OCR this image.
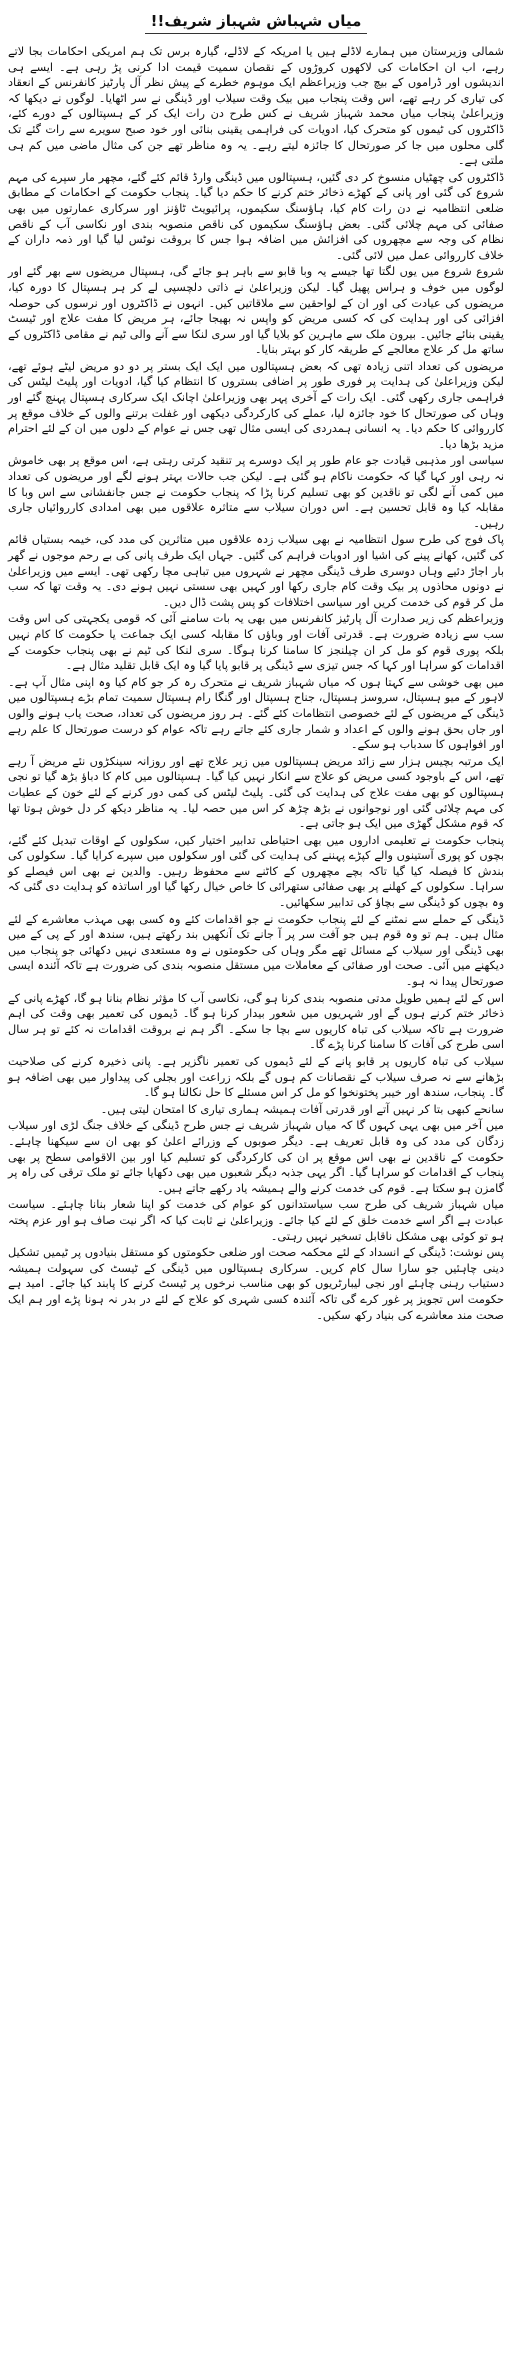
میاں شہباش شہباز شریف!!

شمالی وزیرستان میں ہمارے لاڈلے ہیں یا امریکہ کے لاڈلے، گیارہ برس تک ہم امریکی احکامات بجا لاتے رہے، اب ان احکامات کی لاکھوں کروڑوں کے نقصان سمیت قیمت ادا کرنی پڑ رہی ہے۔ ایسے ہی اندیشوں اور ڈراموں کے بیچ جب وزیراعظم ایک موہوم خطرے کے پیش نظر آل پارٹیز کانفرنس کے انعقاد کی تیاری کر رہے تھے، اس وقت پنجاب میں بیک وقت سیلاب اور ڈینگی نے سر اٹھایا۔ لوگوں نے دیکھا کہ وزیراعلیٰ پنجاب میاں محمد شہباز شریف نے کس طرح دن رات ایک کر کے ہسپتالوں کے دورے کئے، ڈاکٹروں کی ٹیموں کو متحرک کیا، ادویات کی فراہمی یقینی بنائی اور خود صبح سویرے سے رات گئے تک گلی محلوں میں جا کر صورتحال کا جائزہ لیتے رہے۔ یہ وہ مناظر تھے جن کی مثال ماضی میں کم ہی ملتی ہے۔

ڈاکٹروں کی چھٹیاں منسوخ کر دی گئیں، ہسپتالوں میں ڈینگی وارڈ قائم کئے گئے، مچھر مار سپرے کی مہم شروع کی گئی اور پانی کے کھڑے ذخائر ختم کرنے کا حکم دیا گیا۔ پنجاب حکومت کے احکامات کے مطابق ضلعی انتظامیہ نے دن رات کام کیا، ہاؤسنگ سکیموں، پرائیویٹ ٹاؤنز اور سرکاری عمارتوں میں بھی صفائی کی مہم چلائی گئی۔ بعض ہاؤسنگ سکیموں کی ناقص منصوبہ بندی اور نکاسی آب کے ناقص نظام کی وجہ سے مچھروں کی افزائش میں اضافہ ہوا جس کا بروقت نوٹس لیا گیا اور ذمہ داران کے خلاف کارروائی عمل میں لائی گئی۔

شروع شروع میں یوں لگتا تھا جیسے یہ وبا قابو سے باہر ہو جائے گی، ہسپتال مریضوں سے بھر گئے اور لوگوں میں خوف و ہراس پھیل گیا۔ لیکن وزیراعلیٰ نے ذاتی دلچسپی لے کر ہر ہسپتال کا دورہ کیا، مریضوں کی عیادت کی اور ان کے لواحقین سے ملاقاتیں کیں۔ انہوں نے ڈاکٹروں اور نرسوں کی حوصلہ افزائی کی اور ہدایت کی کہ کسی مریض کو واپس نہ بھیجا جائے، ہر مریض کا مفت علاج اور ٹیسٹ یقینی بنائے جائیں۔ بیرون ملک سے ماہرین کو بلایا گیا اور سری لنکا سے آنے والی ٹیم نے مقامی ڈاکٹروں کے ساتھ مل کر علاج معالجے کے طریقہ کار کو بہتر بنایا۔

مریضوں کی تعداد اتنی زیادہ تھی کہ بعض ہسپتالوں میں ایک ایک بستر پر دو دو مریض لیٹے ہوئے تھے، لیکن وزیراعلیٰ کی ہدایت پر فوری طور پر اضافی بستروں کا انتظام کیا گیا، ادویات اور پلیٹ لیٹس کی فراہمی جاری رکھی گئی۔ ایک رات کے آخری پہر بھی وزیراعلیٰ اچانک ایک سرکاری ہسپتال پہنچ گئے اور وہاں کی صورتحال کا خود جائزہ لیا، عملے کی کارکردگی دیکھی اور غفلت برتنے والوں کے خلاف موقع پر کارروائی کا حکم دیا۔ یہ انسانی ہمدردی کی ایسی مثال تھی جس نے عوام کے دلوں میں ان کے لئے احترام مزید بڑھا دیا۔

سیاسی اور مذہبی قیادت جو عام طور پر ایک دوسرے پر تنقید کرتی رہتی ہے، اس موقع پر بھی خاموش نہ رہی اور کہا گیا کہ حکومت ناکام ہو گئی ہے۔ لیکن جب حالات بہتر ہونے لگے اور مریضوں کی تعداد میں کمی آنے لگی تو ناقدین کو بھی تسلیم کرنا پڑا کہ پنجاب حکومت نے جس جانفشانی سے اس وبا کا مقابلہ کیا وہ قابل تحسین ہے۔ اس دوران سیلاب سے متاثرہ علاقوں میں بھی امدادی کارروائیاں جاری رہیں۔

پاک فوج کی طرح سول انتظامیہ نے بھی سیلاب زدہ علاقوں میں متاثرین کی مدد کی، خیمہ بستیاں قائم کی گئیں، کھانے پینے کی اشیا اور ادویات فراہم کی گئیں۔ جہاں ایک طرف پانی کی بے رحم موجوں نے گھر بار اجاڑ دئیے وہاں دوسری طرف ڈینگی مچھر نے شہروں میں تباہی مچا رکھی تھی۔ ایسے میں وزیراعلیٰ نے دونوں محاذوں پر بیک وقت کام جاری رکھا اور کہیں بھی سستی نہیں ہونے دی۔ یہ وقت تھا کہ سب مل کر قوم کی خدمت کریں اور سیاسی اختلافات کو پس پشت ڈال دیں۔

وزیراعظم کی زیر صدارت آل پارٹیز کانفرنس میں بھی یہ بات سامنے آئی کہ قومی یکجہتی کی اس وقت سب سے زیادہ ضرورت ہے۔ قدرتی آفات اور وباؤں کا مقابلہ کسی ایک جماعت یا حکومت کا کام نہیں بلکہ پوری قوم کو مل کر ان چیلنجز کا سامنا کرنا ہوگا۔ سری لنکا کی ٹیم نے بھی پنجاب حکومت کے اقدامات کو سراہا اور کہا کہ جس تیزی سے ڈینگی پر قابو پایا گیا وہ ایک قابل تقلید مثال ہے۔

میں بھی خوشی سے کہتا ہوں کہ میاں شہباز شریف نے متحرک رہ کر جو کام کیا وہ اپنی مثال آپ ہے۔ لاہور کے میو ہسپتال، سروسز ہسپتال، جناح ہسپتال اور گنگا رام ہسپتال سمیت تمام بڑے ہسپتالوں میں ڈینگی کے مریضوں کے لئے خصوصی انتظامات کئے گئے۔ ہر روز مریضوں کی تعداد، صحت یاب ہونے والوں اور جاں بحق ہونے والوں کے اعداد و شمار جاری کئے جاتے رہے تاکہ عوام کو درست صورتحال کا علم رہے اور افواہوں کا سدباب ہو سکے۔

ایک مرتبہ بچیس ہزار سے زائد مریض ہسپتالوں میں زیر علاج تھے اور روزانہ سینکڑوں نئے مریض آ رہے تھے، اس کے باوجود کسی مریض کو علاج سے انکار نہیں کیا گیا۔ ہسپتالوں میں کام کا دباؤ بڑھ گیا تو نجی ہسپتالوں کو بھی مفت علاج کی ہدایت کی گئی۔ پلیٹ لیٹس کی کمی دور کرنے کے لئے خون کے عطیات کی مہم چلائی گئی اور نوجوانوں نے بڑھ چڑھ کر اس میں حصہ لیا۔ یہ مناظر دیکھ کر دل خوش ہوتا تھا کہ قوم مشکل گھڑی میں ایک ہو جاتی ہے۔

پنجاب حکومت نے تعلیمی اداروں میں بھی احتیاطی تدابیر اختیار کیں، سکولوں کے اوقات تبدیل کئے گئے، بچوں کو پوری آستینوں والے کپڑے پہننے کی ہدایت کی گئی اور سکولوں میں سپرے کرایا گیا۔ سکولوں کی بندش کا فیصلہ کیا گیا تاکہ بچے مچھروں کے کاٹنے سے محفوظ رہیں۔ والدین نے بھی اس فیصلے کو سراہا۔ سکولوں کے کھلنے پر بھی صفائی ستھرائی کا خاص خیال رکھا گیا اور اساتذہ کو ہدایت دی گئی کہ وہ بچوں کو ڈینگی سے بچاؤ کی تدابیر سکھائیں۔

ڈینگی کے حملے سے نمٹنے کے لئے پنجاب حکومت نے جو اقدامات کئے وہ کسی بھی مہذب معاشرے کے لئے مثال ہیں۔ ہم تو وہ قوم ہیں جو آفت سر پر آ جانے تک آنکھیں بند رکھتے ہیں، سندھ اور کے پی کے میں بھی ڈینگی اور سیلاب کے مسائل تھے مگر وہاں کی حکومتوں نے وہ مستعدی نہیں دکھائی جو پنجاب میں دیکھنے میں آئی۔ صحت اور صفائی کے معاملات میں مستقل منصوبہ بندی کی ضرورت ہے تاکہ آئندہ ایسی صورتحال پیدا نہ ہو۔

اس کے لئے ہمیں طویل مدتی منصوبہ بندی کرنا ہو گی، نکاسی آب کا مؤثر نظام بنانا ہو گا، کھڑے پانی کے ذخائر ختم کرنے ہوں گے اور شہریوں میں شعور بیدار کرنا ہو گا۔ ڈیموں کی تعمیر بھی وقت کی اہم ضرورت ہے تاکہ سیلاب کی تباہ کاریوں سے بچا جا سکے۔ اگر ہم نے بروقت اقدامات نہ کئے تو ہر سال اسی طرح کی آفات کا سامنا کرنا پڑے گا۔

سیلاب کی تباہ کاریوں پر قابو پانے کے لئے ڈیموں کی تعمیر ناگزیر ہے۔ پانی ذخیرہ کرنے کی صلاحیت بڑھانے سے نہ صرف سیلاب کے نقصانات کم ہوں گے بلکہ زراعت اور بجلی کی پیداوار میں بھی اضافہ ہو گا۔ پنجاب، سندھ اور خیبر پختونخوا کو مل کر اس مسئلے کا حل نکالنا ہو گا۔

سانحے کبھی بتا کر نہیں آتے اور قدرتی آفات ہمیشہ ہماری تیاری کا امتحان لیتی ہیں۔

میں آخر میں بھی یہی کہوں گا کہ میاں شہباز شریف نے جس طرح ڈینگی کے خلاف جنگ لڑی اور سیلاب زدگان کی مدد کی وہ قابل تعریف ہے۔ دیگر صوبوں کے وزرائے اعلیٰ کو بھی ان سے سیکھنا چاہئے۔ حکومت کے ناقدین نے بھی اس موقع پر ان کی کارکردگی کو تسلیم کیا اور بین الاقوامی سطح پر بھی پنجاب کے اقدامات کو سراہا گیا۔ اگر یہی جذبہ دیگر شعبوں میں بھی دکھایا جائے تو ملک ترقی کی راہ پر گامزن ہو سکتا ہے۔ قوم کی خدمت کرنے والے ہمیشہ یاد رکھے جاتے ہیں۔

میاں شہباز شریف کی طرح سب سیاستدانوں کو عوام کی خدمت کو اپنا شعار بنانا چاہئے۔ سیاست عبادت ہے اگر اسے خدمت خلق کے لئے کیا جائے۔ وزیراعلیٰ نے ثابت کیا کہ اگر نیت صاف ہو اور عزم پختہ ہو تو کوئی بھی مشکل ناقابل تسخیر نہیں رہتی۔

پس نوشت: ڈینگی کے انسداد کے لئے محکمہ صحت اور ضلعی حکومتوں کو مستقل بنیادوں پر ٹیمیں تشکیل دینی چاہئیں جو سارا سال کام کریں۔ سرکاری ہسپتالوں میں ڈینگی کے ٹیسٹ کی سہولت ہمیشہ دستیاب رہنی چاہئے اور نجی لیبارٹریوں کو بھی مناسب نرخوں پر ٹیسٹ کرنے کا پابند کیا جائے۔ امید ہے حکومت اس تجویز پر غور کرے گی تاکہ آئندہ کسی شہری کو علاج کے لئے در بدر نہ ہونا پڑے اور ہم ایک صحت مند معاشرے کی بنیاد رکھ سکیں۔
